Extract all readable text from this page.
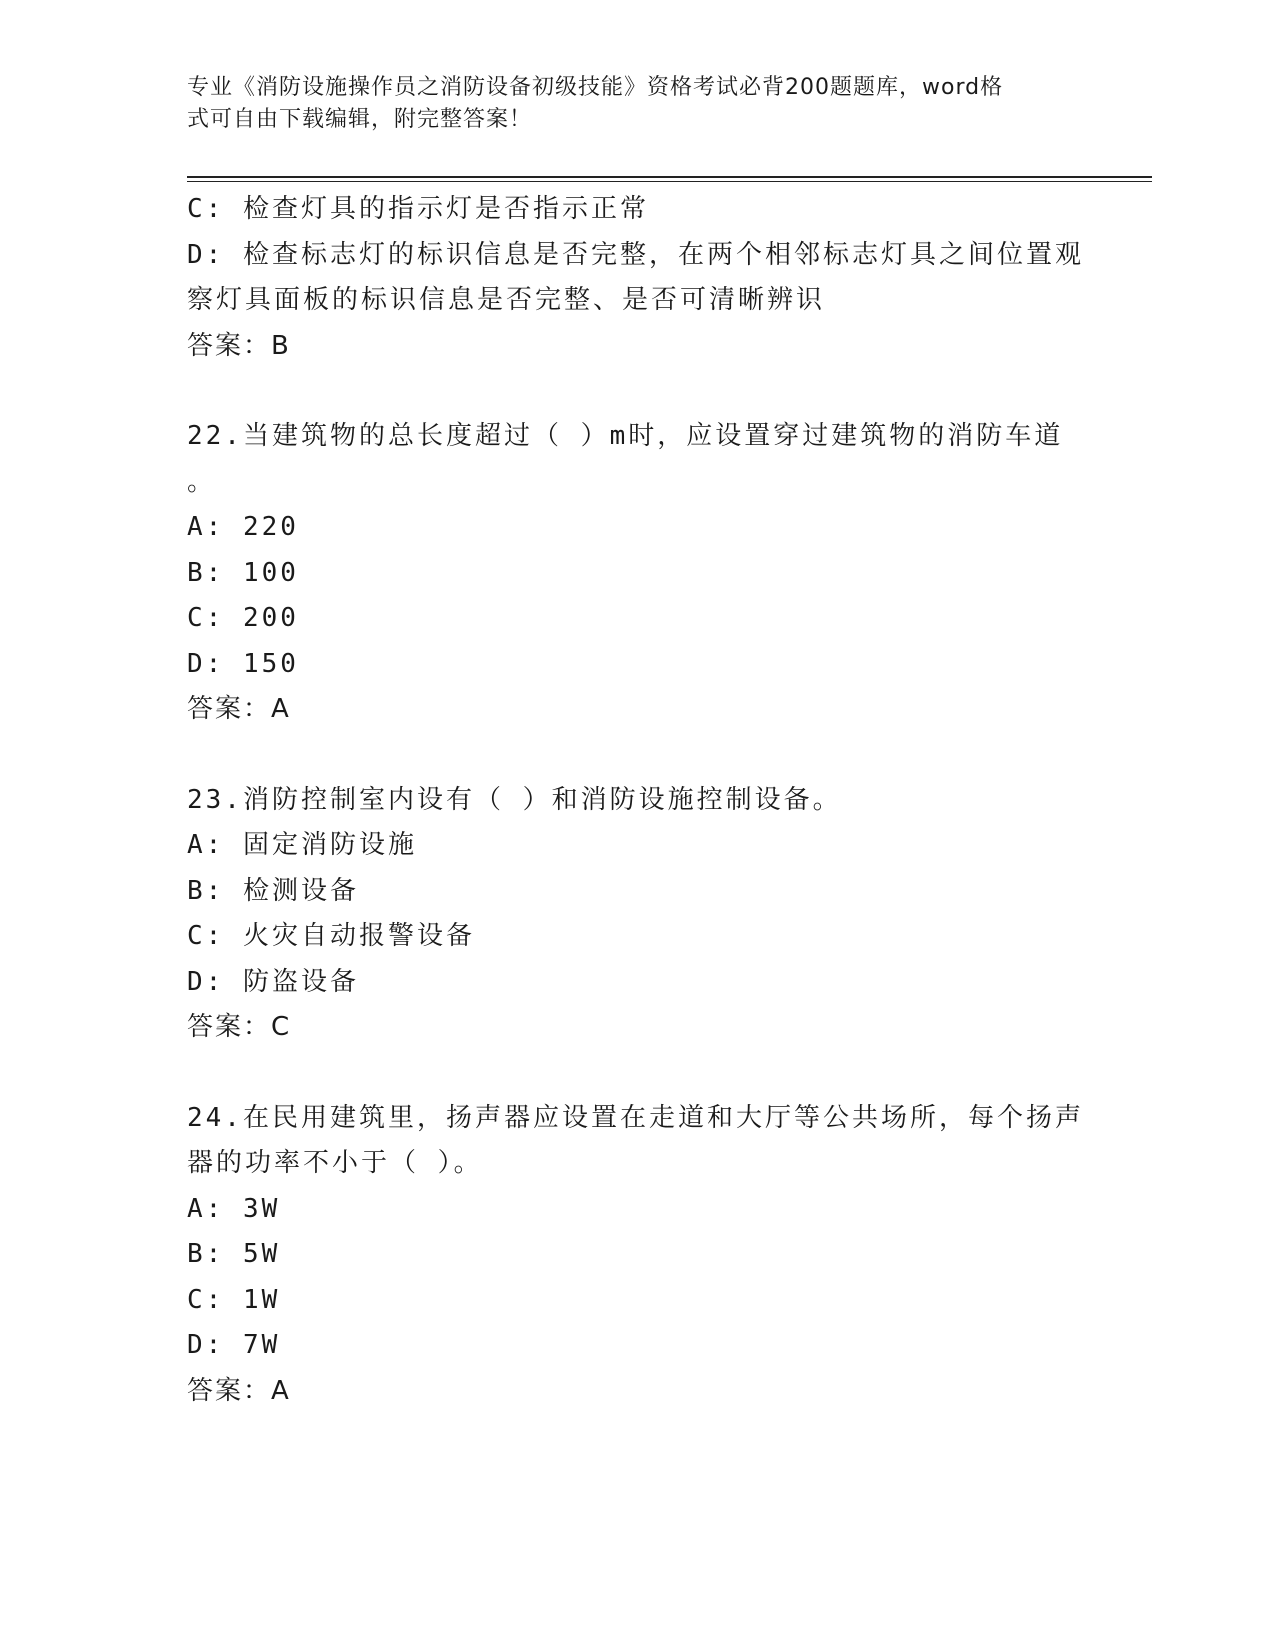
专业《消防设施操作员之消防设备初级技能》资格考试必背200题题库，word格
式可自由下载编辑，附完整答案！
C: 检查灯具的指示灯是否指示正常
D: 检查标志灯的标识信息是否完整，在两个相邻标志灯具之间位置观
察灯具面板的标识信息是否完整、是否可清晰辨识
答案：B
22.当建筑物的总长度超过（ ）m时，应设置穿过建筑物的消防车道
。
A: 220
B: 100
C: 200
D: 150
答案：A
23.消防控制室内设有（ ）和消防设施控制设备。
A: 固定消防设施
B: 检测设备
C: 火灾自动报警设备
D: 防盗设备
答案：C
24.在民用建筑里，扬声器应设置在走道和大厅等公共场所，每个扬声
器的功率不小于（ ）。
A: 3W
B: 5W
C: 1W
D: 7W
答案：A
